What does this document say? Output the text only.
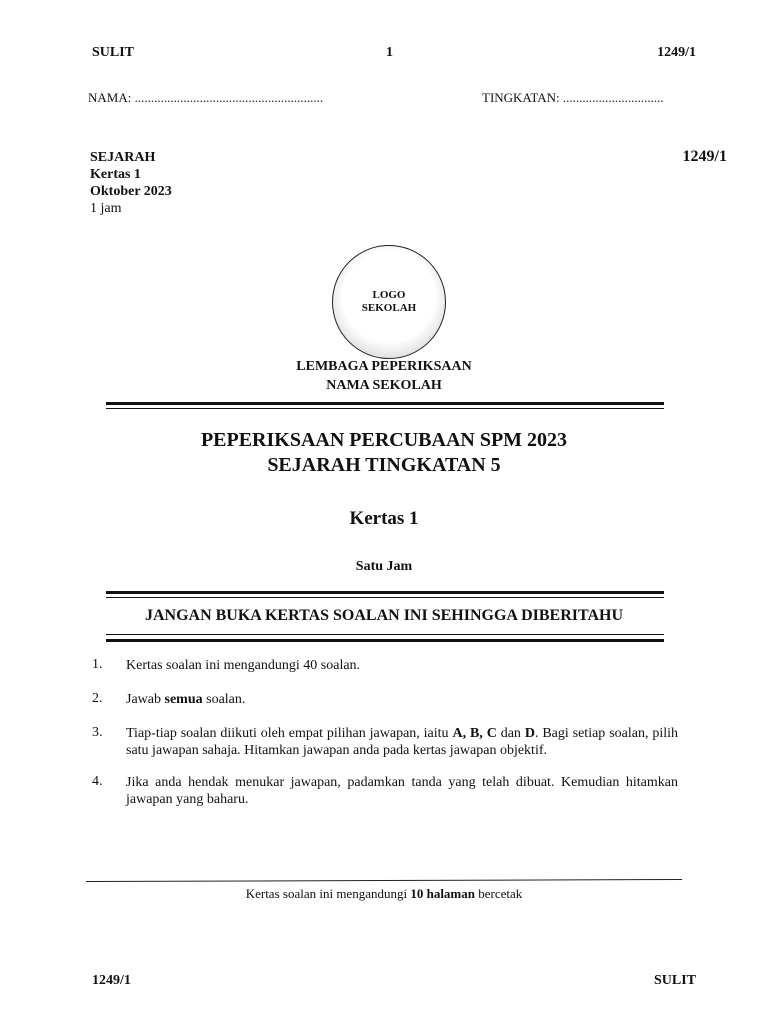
SULIT	1	1249/1
NAMA: ..........................................................	TINGKATAN: ...............................
SEJARAH
Kertas 1
Oktober 2023
1 jam
1249/1
LOGO
SEKOLAH
LEMBAGA PEPERIKSAAN
NAMA SEKOLAH
PEPERIKSAAN PERCUBAAN SPM 2023
SEJARAH TINGKATAN 5
Kertas 1
Satu Jam
JANGAN BUKA KERTAS SOALAN INI SEHINGGA DIBERITAHU
1. Kertas soalan ini mengandungi 40 soalan.
2. Jawab semua soalan.
3. Tiap-tiap soalan diikuti oleh empat pilihan jawapan, iaitu A, B, C dan D. Bagi setiap soalan, pilih satu jawapan sahaja. Hitamkan jawapan anda pada kertas jawapan objektif.
4. Jika anda hendak menukar jawapan, padamkan tanda yang telah dibuat. Kemudian hitamkan jawapan yang baharu.
Kertas soalan ini mengandungi 10 halaman bercetak
1249/1	SULIT
